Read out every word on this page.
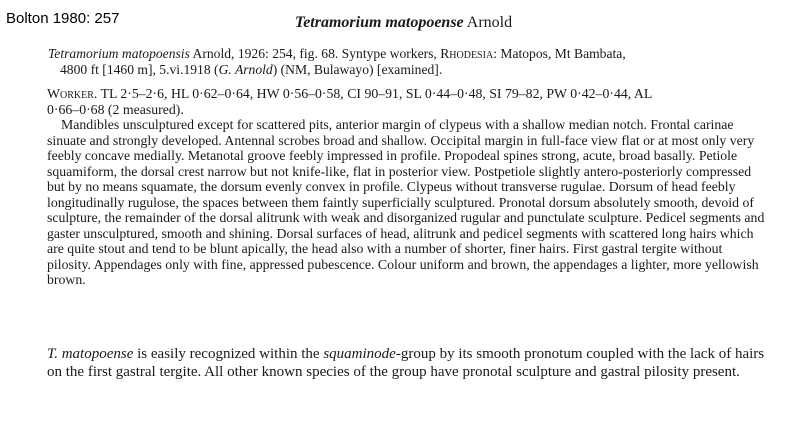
Bolton 1980: 257	Tetramorium matopoense Arnold
Tetramorium matopoensis Arnold, 1926: 254, fig. 68. Syntype workers, Rhodesia: Matopos, Mt Bambata,
4800 ft [1460 m], 5.vi.1918 (G. Arnold) (NM, Bulawayo) [examined].
Worker. TL 2·5–2·6, HL 0·62–0·64, HW 0·56–0·58, CI 90–91, SL 0·44–0·48, SI 79–82, PW 0·42–0·44, AL
0·66–0·68 (2 measured).
Mandibles unsculptured except for scattered pits, anterior margin of clypeus with a shallow median notch. Frontal carinae sinuate and strongly developed. Antennal scrobes broad and shallow. Occipital margin in full-face view flat or at most only very feebly concave medially. Metanotal groove feebly impressed in profile. Propodeal spines strong, acute, broad basally. Petiole squamiform, the dorsal crest narrow but not knife-like, flat in posterior view. Postpetiole slightly antero-posteriorly compressed but by no means squamate, the dorsum evenly convex in profile. Clypeus without transverse rugulae. Dorsum of head feebly longitudinally rugulose, the spaces between them faintly superficially sculptured. Pronotal dorsum absolutely smooth, devoid of sculpture, the remainder of the dorsal alitrunk with weak and disorganized rugular and punctulate sculpture. Pedicel segments and gaster unsculptured, smooth and shining. Dorsal surfaces of head, alitrunk and pedicel segments with scattered long hairs which are quite stout and tend to be blunt apically, the head also with a number of shorter, finer hairs. First gastral tergite without pilosity. Appendages only with fine, appressed pubescence. Colour uniform and brown, the appendages a lighter, more yellowish brown.
T. matopoense is easily recognized within the squaminode-group by its smooth pronotum coupled with the lack of hairs on the first gastral tergite. All other known species of the group have pronotal sculpture and gastral pilosity present.
